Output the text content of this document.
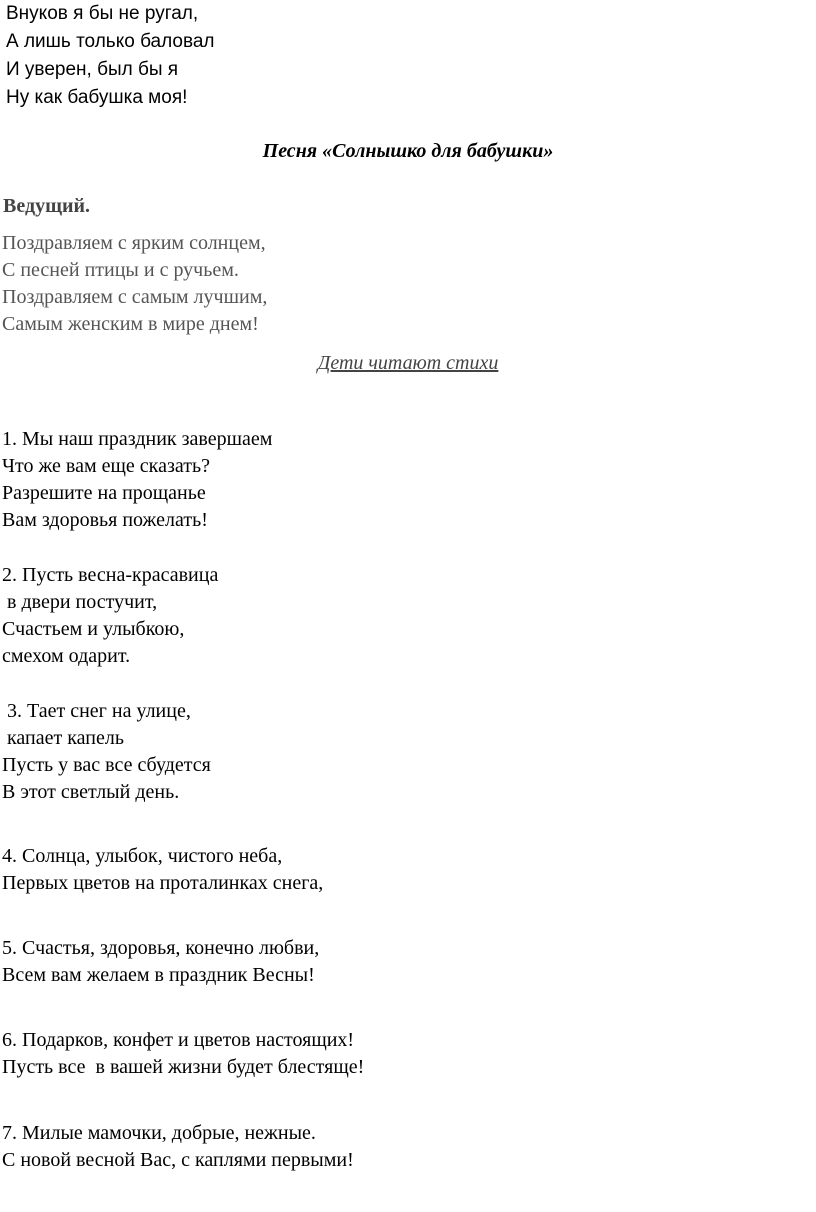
Внуков я бы не ругал,

А лишь только баловал

И уверен, был бы я

Ну как бабушка моя!

Песня «Солнышко для бабушки»
Ведущий.

Поздравляем с ярким солнцем,

С песней птицы и с ручьем.

Поздравляем с самым лучшим,

Самым женским в мире днем!

Дети читают стихи

1. Мы наш праздник завершаем

Что же вам еще сказать?

Разрешите на прощанье

Вам здоровья пожелать!

2. Пусть весна-красавица

в двери постучит,

Счастьем и улыбкою,

смехом одарит.

3. Тает снег на улице,

капает капель

Пусть у вас все сбудется

В этот светлый день.

4. Солнца, улыбок, чистого неба,

Первых цветов на проталинках снега,

5. Счастья, здоровья, конечно любви,

Всем вам желаем в праздник Весны!

6. Подарков, конфет и цветов настоящих!

Пусть все  в вашей жизни будет блестяще!

7. Милые мамочки, добрые, нежные.

С новой весной Вас, с каплями первыми!
